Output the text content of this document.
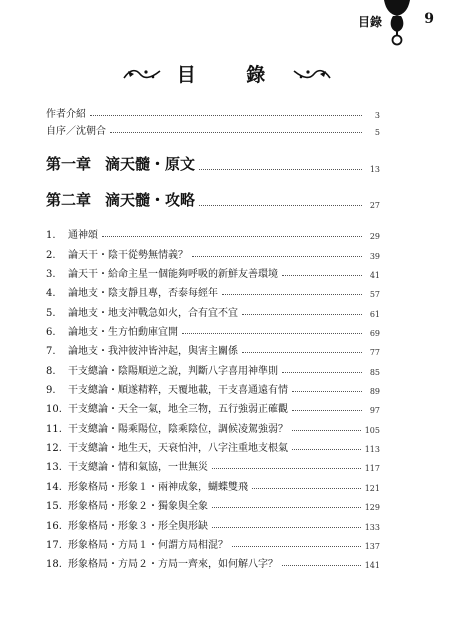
目錄	9
目 錄
作者介紹	3
自序／沈朝合	5
第一章 滴天髓・原文	13
第二章 滴天髓・攻略	27
1. 通神頌	29
2. 論天干・陰干從勢無情義？	39
3. 論天干・給命主星一個能夠呼吸的新鮮友善環境	41
4. 論地支・陰支靜且專，否泰每經年	57
5. 論地支・地支沖戰急如火，合有宜不宜	61
6. 論地支・生方怕動庫宜開	69
7. 論地支・我沖彼沖皆沖起，與害主關係	77
8. 干支總論・陰陽順逆之說，判斷八字喜用神準則	85
9. 干支總論・順遂精粹，天覆地載，干支喜通遠有情	89
10. 干支總論・天全一氣，地全三物，五行強弱正確觀	97
11. 干支總論・陽乘陽位，陰乘陰位，調候凌駕強弱？	105
12. 干支總論・地生天，天衰怕沖，八字注重地支根氣	113
13. 干支總論・情和氣協，一世無災	117
14. 形象格局・形象１・兩神成象，蝴蝶雙飛	121
15. 形象格局・形象２・獨象與全象	129
16. 形象格局・形象３・形全與形缺	133
17. 形象格局・方局１・何謂方局相混？	137
18. 形象格局・方局２・方局一齊來，如何解八字？	141
